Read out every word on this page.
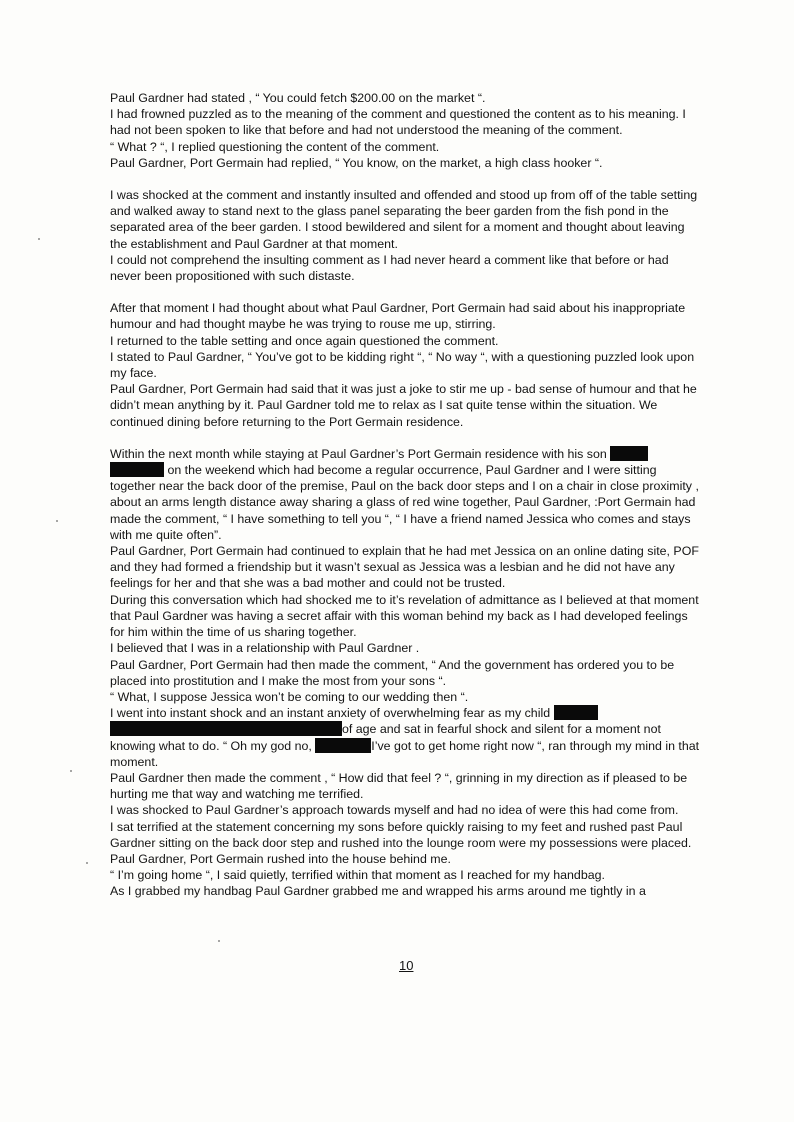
Paul Gardner had stated , “ You could fetch $200.00 on the market “.

I had frowned puzzled as to the meaning of the comment and questioned the content as to his meaning. I had not been spoken to like that before and had not understood the meaning of the comment.

“ What ? “, I replied questioning the content of the comment.

Paul Gardner, Port Germain had replied, “ You know, on the market, a high class hooker “.

I was shocked at the comment and instantly insulted and offended and stood up from off of the table setting and walked away to stand next to the glass panel separating the beer garden from the fish pond in the separated area of the beer garden. I stood bewildered and silent for a moment and thought about leaving the establishment and Paul Gardner at that moment.

I could not comprehend the insulting comment as I had never heard a comment like that before or had never been propositioned with such distaste.

After that moment I had thought about what Paul Gardner, Port Germain had said about his inappropriate humour and had thought maybe he was trying to rouse me up, stirring.

I returned to the table setting and once again questioned the comment.

I stated to Paul Gardner, “ You’ve got to be kidding right “, “ No way “, with a questioning puzzled look upon my face.

Paul Gardner, Port Germain had said that it was just a joke to stir me up - bad sense of humour and that he didn’t mean anything by it. Paul Gardner told me to relax as I sat quite tense within the situation. We continued dining before returning to the Port Germain residence.

Within the next month while staying at Paul Gardner’s Port Germain residence with his son
on the weekend which had become a regular occurrence, Paul Gardner and I were sitting together near the back door of the premise, Paul on the back door steps and I on a chair in close proximity , about an arms length distance away sharing a glass of red wine together, Paul Gardner, :Port Germain had made the comment, “ I have something to tell you “, “ I have a friend named Jessica who comes and stays with me quite often”.

Paul Gardner, Port Germain had continued to explain that he had met Jessica on an online dating site, POF and they had formed a friendship but it wasn’t sexual as Jessica was a lesbian and he did not have any feelings for her and that she was a bad mother and could not be trusted.

During this conversation which had shocked me to it’s revelation of admittance as I believed at that moment that Paul Gardner was having a secret affair with this woman behind my back as I had developed feelings for him within the time of us sharing together.

I believed that I was in a relationship with Paul Gardner .

Paul Gardner, Port Germain had then made the comment, “ And the government has ordered you to be placed into prostitution and I make the most from your sons “.

“ What, I suppose Jessica won’t be coming to our wedding then “.

I went into instant shock and an instant anxiety of overwhelming fear as my child
of age and sat in fearful shock and silent for a moment not knowing what to do. “ Oh my god no,	I’ve got to get home right now “, ran through my mind in that moment.

Paul Gardner then made the comment , “ How did that feel ? “, grinning in my direction as if pleased to be hurting me that way and watching me terrified.

I was shocked to Paul Gardner’s approach towards myself and had no idea of were this had come from.

I sat terrified at the statement concerning my sons before quickly raising to my feet and rushed past Paul Gardner sitting on the back door step and rushed into the lounge room were my possessions were placed.

Paul Gardner, Port Germain rushed into the house behind me.

“ I’m going home “, I said quietly, terrified within that moment as I reached for my handbag.

As I grabbed my handbag Paul Gardner grabbed me and wrapped his arms around me tightly in a

10
